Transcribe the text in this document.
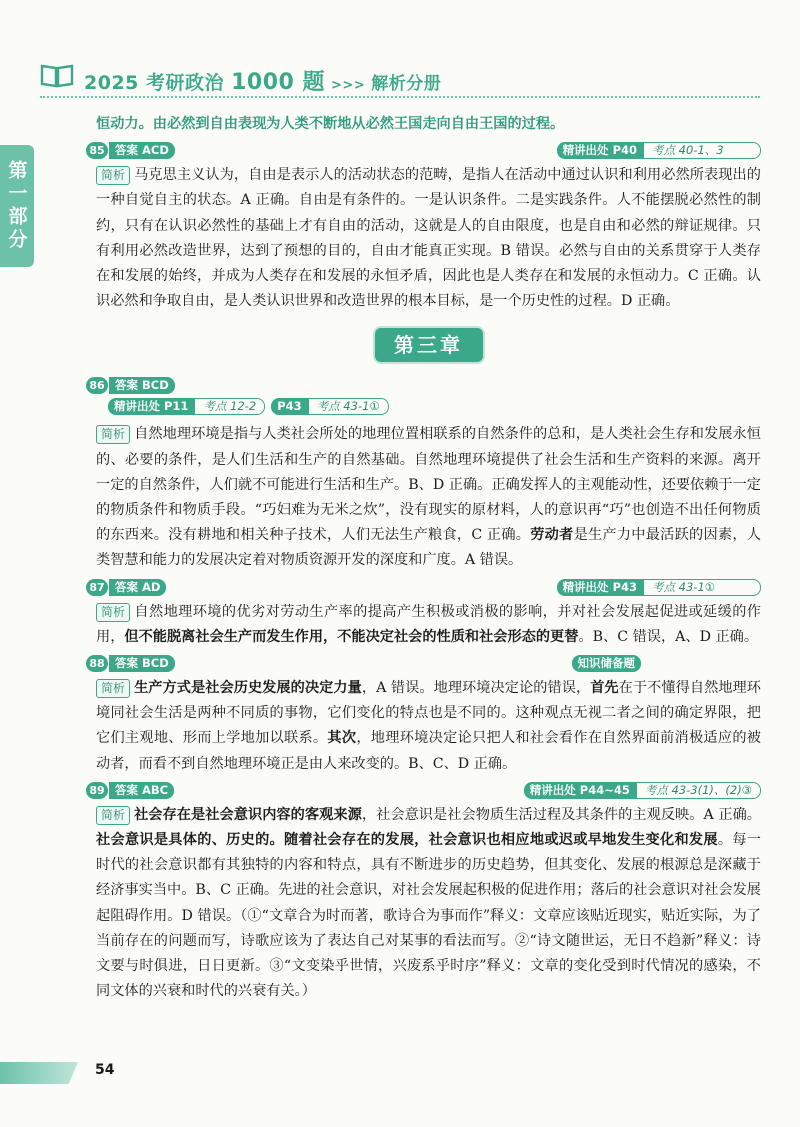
2025 考研政治 1000 题 >>> 解析分册
第一部分

恒动力。由必然到自由表现为人类不断地从必然王国走向自由王国的过程。

85 答案 ACD	精讲出处 P40	考点 40-1、3

简析 马克思主义认为，自由是表示人的活动状态的范畴，是指人在活动中通过认识和利用必然所表现出的一种自觉自主的状态。A 正确。自由是有条件的。一是认识条件。二是实践条件。人不能摆脱必然性的制约，只有在认识必然性的基础上才有自由的活动，这就是人的自由限度，也是自由和必然的辩证规律。只有利用必然改造世界，达到了预想的目的，自由才能真正实现。B 错误。必然与自由的关系贯穿于人类存在和发展的始终，并成为人类存在和发展的永恒矛盾，因此也是人类存在和发展的永恒动力。C 正确。认识必然和争取自由，是人类认识世界和改造世界的根本目标，是一个历史性的过程。D 正确。

第三章
86 答案 BCD
精讲出处 P11	考点 12-2	P43	考点 43-1①

简析 自然地理环境是指与人类社会所处的地理位置相联系的自然条件的总和，是人类社会生存和发展永恒的、必要的条件，是人们生活和生产的自然基础。自然地理环境提供了社会生活和生产资料的来源。离开一定的自然条件，人们就不可能进行生活和生产。B、D 正确。正确发挥人的主观能动性，还要依赖于一定的物质条件和物质手段。“巧妇难为无米之炊”，没有现实的原材料，人的意识再“巧”也创造不出任何物质的东西来。没有耕地和相关种子技术，人们无法生产粮食，C 正确。劳动者是生产力中最活跃的因素，人类智慧和能力的发展决定着对物质资源开发的深度和广度。A 错误。

87 答案 AD	精讲出处 P43	考点 43-1①

简析 自然地理环境的优劣对劳动生产率的提高产生积极或消极的影响，并对社会发展起促进或延缓的作用，但不能脱离社会生产而发生作用，不能决定社会的性质和社会形态的更替。B、C 错误，A、D 正确。

88 答案 BCD	知识储备题

简析 生产方式是社会历史发展的决定力量，A 错误。地理环境决定论的错误，首先在于不懂得自然地理环境同社会生活是两种不同质的事物，它们变化的特点也是不同的。这种观点无视二者之间的确定界限，把它们主观地、形而上学地加以联系。其次，地理环境决定论只把人和社会看作在自然界面前消极适应的被动者，而看不到自然地理环境正是由人来改变的。B、C、D 正确。

89 答案 ABC	精讲出处 P44~45	考点 43-3(1)、(2)③

简析 社会存在是社会意识内容的客观来源，社会意识是社会物质生活过程及其条件的主观反映。A 正确。社会意识是具体的、历史的。随着社会存在的发展，社会意识也相应地或迟或早地发生变化和发展。每一时代的社会意识都有其独特的内容和特点，具有不断进步的历史趋势，但其变化、发展的根源总是深藏于经济事实当中。B、C 正确。先进的社会意识，对社会发展起积极的促进作用；落后的社会意识对社会发展起阻碍作用。D 错误。（①“文章合为时而著，歌诗合为事而作”释义：文章应该贴近现实，贴近实际，为了当前存在的问题而写，诗歌应该为了表达自己对某事的看法而写。②“诗文随世运，无日不趋新”释义：诗文要与时俱进，日日更新。③“文变染乎世情，兴废系乎时序”释义：文章的变化受到时代情况的感染，不同文体的兴衰和时代的兴衰有关。）

54
